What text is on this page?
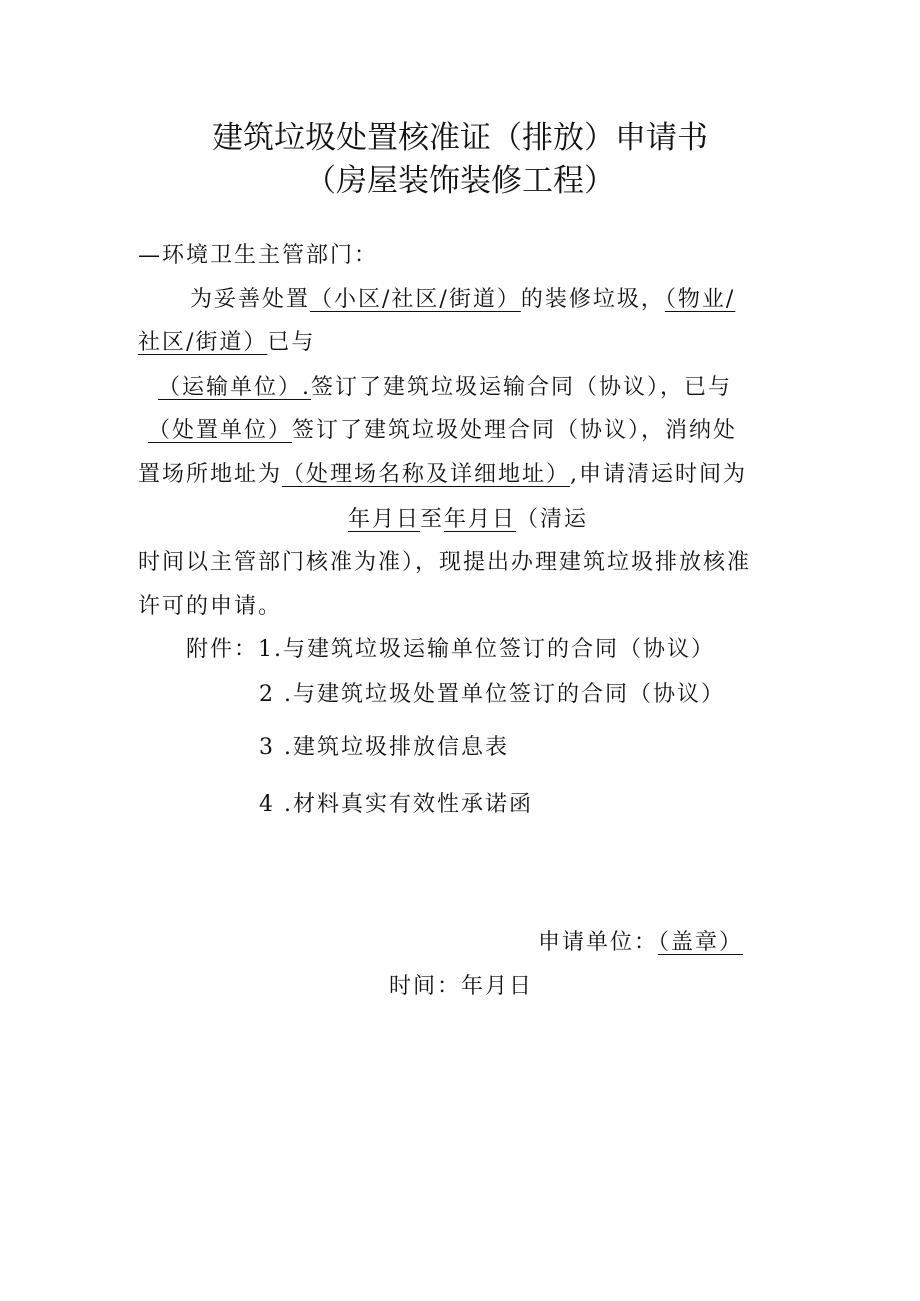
建筑垃圾处置核准证（排放）申请书
（房屋装饰装修工程）
—环境卫生主管部门：
为妥善处置（小区/社区/街道）的装修垃圾，（物业/
社区/街道）已与
（运输单位）.签订了建筑垃圾运输合同（协议），已与
（处置单位）签订了建筑垃圾处理合同（协议），消纳处
置场所地址为（处理场名称及详细地址）,申请清运时间为
年月日至年月日（清运
时间以主管部门核准为准），现提出办理建筑垃圾排放核准
许可的申请。
附件：1.与建筑垃圾运输单位签订的合同（协议）
2 .与建筑垃圾处置单位签订的合同（协议）
3 .建筑垃圾排放信息表
4 .材料真实有效性承诺函
申请单位：（盖章）
时间：年月日
